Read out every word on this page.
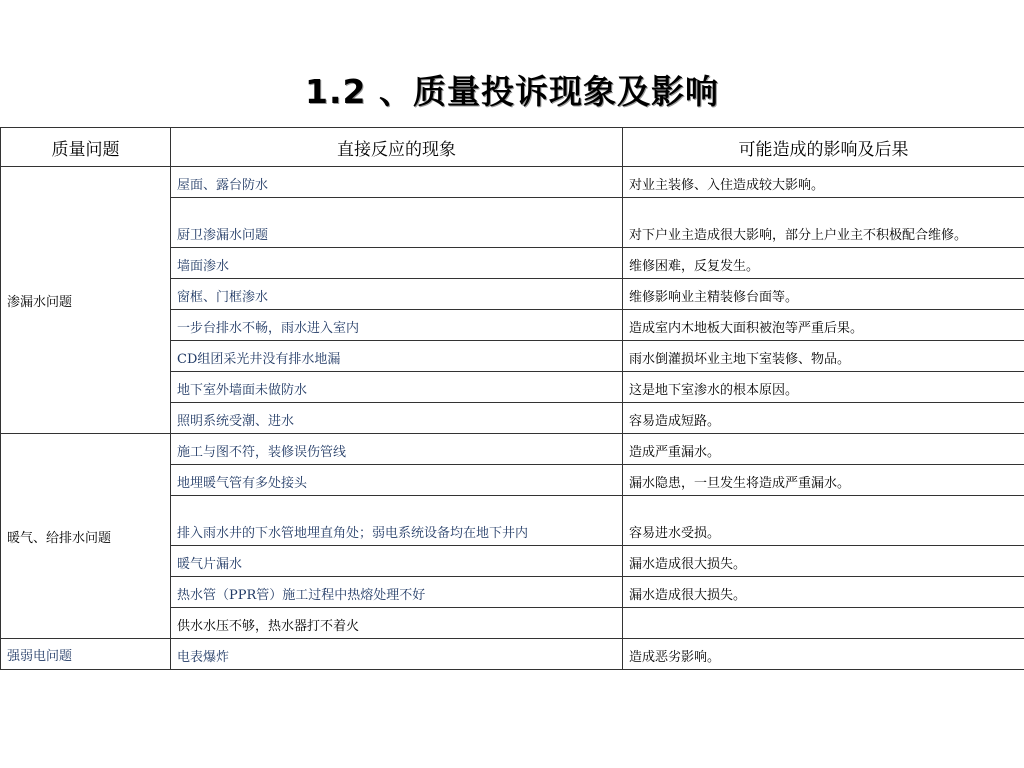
1.2 、质量投诉现象及影响
质量问题	直接反应的现象	可能造成的影响及后果
渗漏水问题	屋面、露台防水	对业主装修、入住造成较大影响。
	厨卫渗漏水问题	对下户业主造成很大影响，部分上户业主不积极配合维修。
	墙面渗水	维修困难，反复发生。
	窗框、门框渗水	维修影响业主精装修台面等。
	一步台排水不畅，雨水进入室内	造成室内木地板大面积被泡等严重后果。
	CD组团采光井没有排水地漏	雨水倒灌损坏业主地下室装修、物品。
	地下室外墙面未做防水	这是地下室渗水的根本原因。
	照明系统受潮、进水	容易造成短路。
暖气、给排水问题	施工与图不符，装修误伤管线	造成严重漏水。
	地埋暖气管有多处接头	漏水隐患，一旦发生将造成严重漏水。
	排入雨水井的下水管地埋直角处；弱电系统设备均在地下井内	容易进水受损。
	暖气片漏水	漏水造成很大损失。
	热水管（PPR管）施工过程中热熔处理不好	漏水造成很大损失。
	供水水压不够，热水器打不着火	
强弱电问题	电表爆炸	造成恶劣影响。
